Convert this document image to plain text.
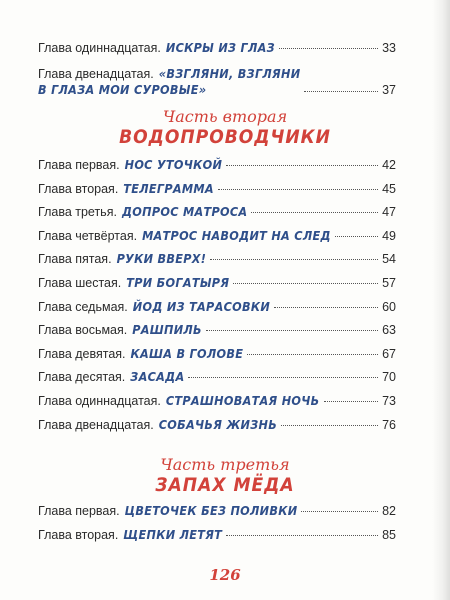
Глава одиннадцатая. ИСКРЫ ИЗ ГЛАЗ	33
Глава двенадцатая. «ВЗГЛЯНИ, ВЗГЛЯНИ
В ГЛАЗА МОИ СУРОВЫЕ»	37
Часть вторая
ВОДОПРОВОДЧИКИ
Глава первая. НОС УТОЧКОЙ	42
Глава вторая. ТЕЛЕГРАММА	45
Глава третья. ДОПРОС МАТРОСА	47
Глава четвёртая. МАТРОС НАВОДИТ НА СЛЕД	49
Глава пятая. РУКИ ВВЕРХ!	54
Глава шестая. ТРИ БОГАТЫРЯ	57
Глава седьмая. ЙОД ИЗ ТАРАСОВКИ	60
Глава восьмая. РАШПИЛЬ	63
Глава девятая. КАША В ГОЛОВЕ	67
Глава десятая. ЗАСАДА	70
Глава одиннадцатая. СТРАШНОВАТАЯ НОЧЬ	73
Глава двенадцатая. СОБАЧЬЯ ЖИЗНЬ	76
Часть третья
ЗАПАХ МЁДА
Глава первая. ЦВЕТОЧЕК БЕЗ ПОЛИВКИ	82
Глава вторая. ЩЕПКИ ЛЕТЯТ	85
126
